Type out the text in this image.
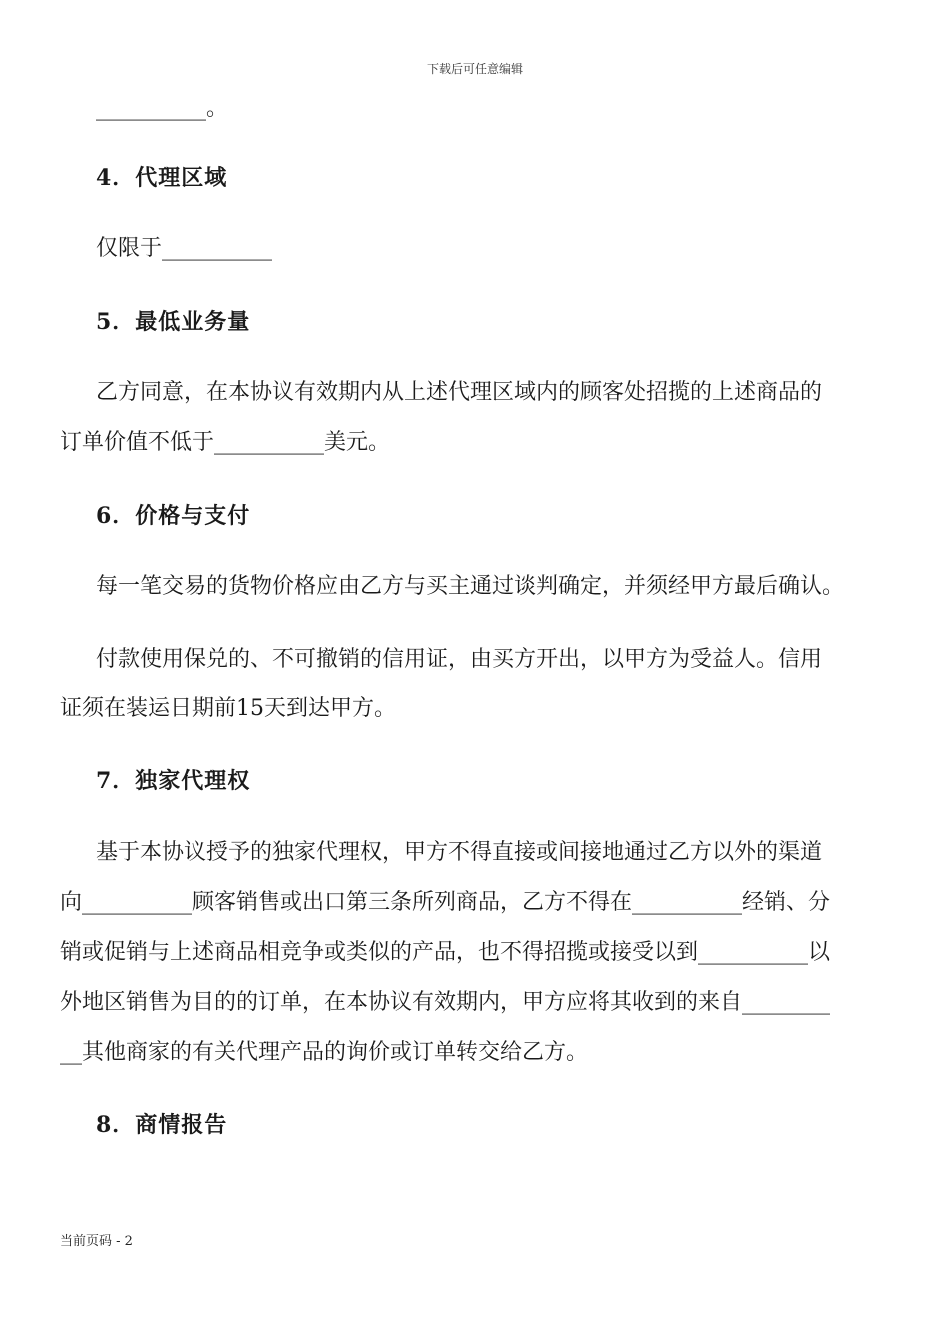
下载后可任意编辑
__________。
4．代理区域
仅限于__________
5．最低业务量
乙方同意，在本协议有效期内从上述代理区域内的顾客处招揽的上述商品的
订单价值不低于__________美元。
6．价格与支付
每一笔交易的货物价格应由乙方与买主通过谈判确定，并须经甲方最后确认。
付款使用保兑的、不可撤销的信用证，由买方开出，以甲方为受益人。信用
证须在装运日期前15天到达甲方。
7．独家代理权
基于本协议授予的独家代理权，甲方不得直接或间接地通过乙方以外的渠道
向__________顾客销售或出口第三条所列商品，乙方不得在__________经销、分
销或促销与上述商品相竞争或类似的产品，也不得招揽或接受以到__________以
外地区销售为目的的订单，在本协议有效期内，甲方应将其收到的来自________
__其他商家的有关代理产品的询价或订单转交给乙方。
8．商情报告
当前页码 - 2
